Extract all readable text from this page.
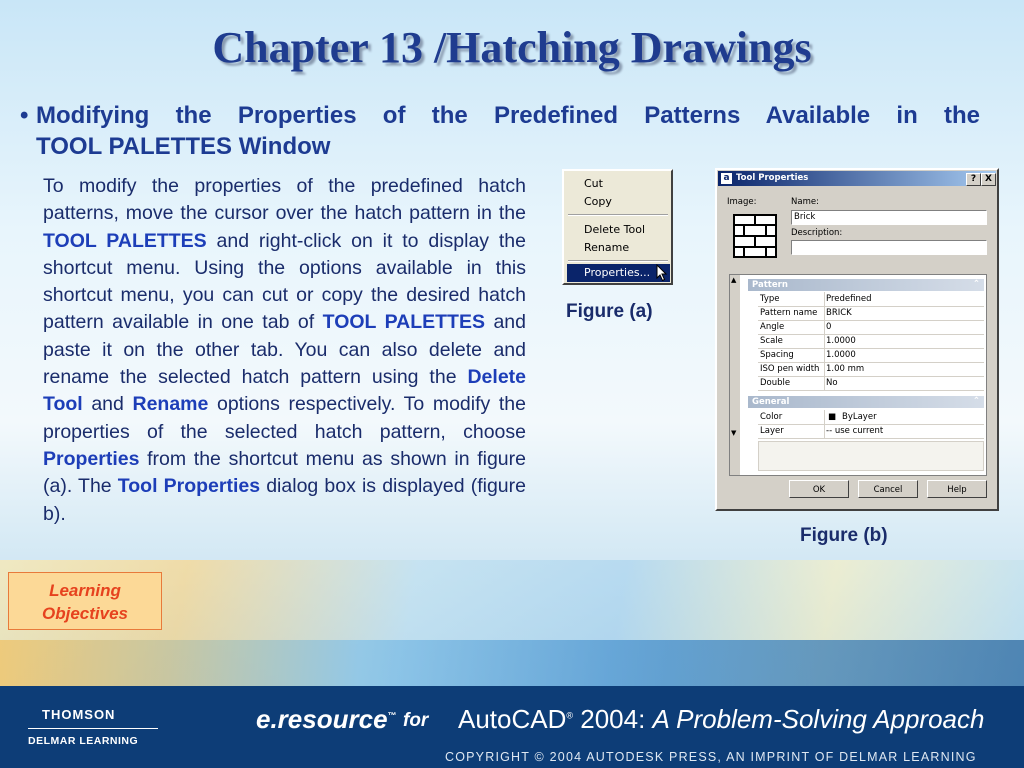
Chapter 13 /Hatching Drawings
• Modifying the Properties of the Predefined Patterns Available in the
TOOL PALETTES Window
To modify the properties of the predefined hatch patterns, move the cursor over the hatch pattern in the TOOL PALETTES and right-click on it to display the shortcut menu. Using the options available in this shortcut menu, you can cut or copy the desired hatch pattern available in one tab of TOOL PALETTES and paste it on the other tab. You can also delete and rename the selected hatch pattern using the Delete Tool and Rename options respectively. To modify the properties of the selected hatch pattern, choose Properties from the shortcut menu as shown in figure (a). The Tool Properties dialog box is displayed (figure b).
Cut
Copy
Delete Tool
Rename
Properties...
Figure (a)
a Tool Properties	? X
Image:	Name:
Brick
Description:
▲
▼
Pattern	⌃
Type	Predefined
Pattern name BRICK
Angle	0
Scale	1.0000
Spacing	1.0000
ISO pen width 1.00 mm
Double	No
General	⌃
Color	■ ByLayer
Layer	-- use current
OK	Cancel	Help
Figure (b)
Learning
Objectives
THOMSON
DELMAR LEARNING
e.resource™ for AutoCAD® 2004: A Problem-Solving Approach
COPYRIGHT © 2004 AUTODESK PRESS, AN IMPRINT OF DELMAR LEARNING
